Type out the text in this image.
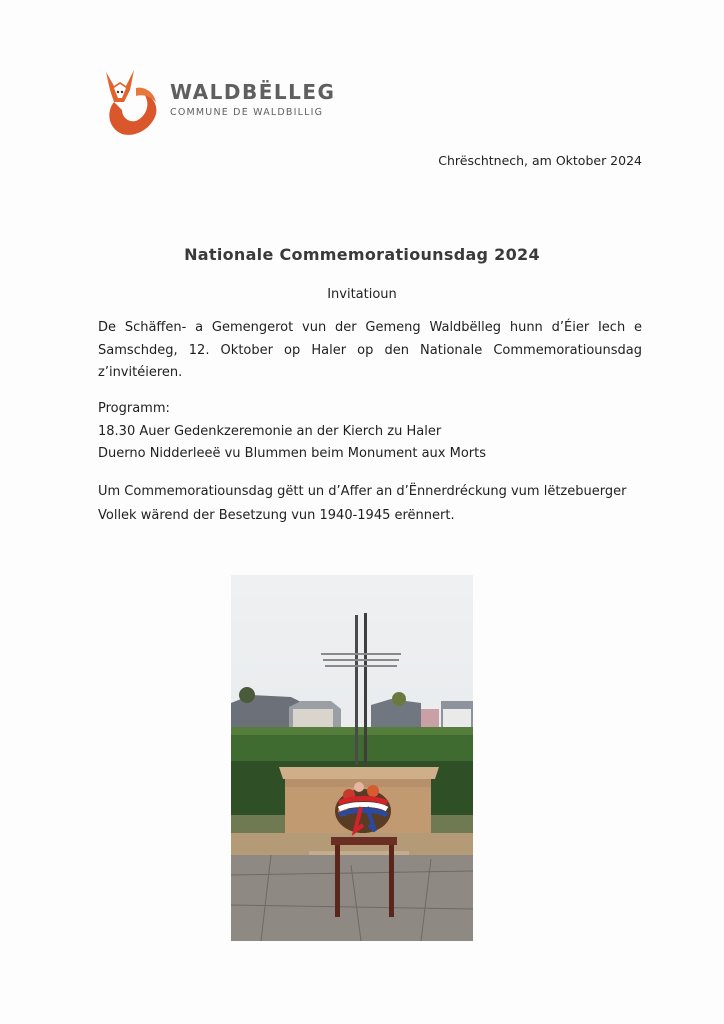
WALDBËLLEG
COMMUNE DE WALDBILLIG
Chrëschtnech, am Oktober 2024
Nationale Commemoratiounsdag 2024
Invitatioun
De Schäffen- a Gemengerot vun der Gemeng Waldbëlleg hunn d’Éier Iech e Samschdeg, 12. Oktober op Haler op den Nationale Commemoratiounsdag z’invitéieren.
Programm:
18.30 Auer Gedenkzeremonie an der Kierch zu Haler
Duerno Nidderleeë vu Blummen beim Monument aux Morts
Um Commemoratiounsdag gëtt un d’Affer an d’Ënnerdréckung vum lëtzebuerger
Vollek wärend der Besetzung vun 1940-1945 erënnert.
